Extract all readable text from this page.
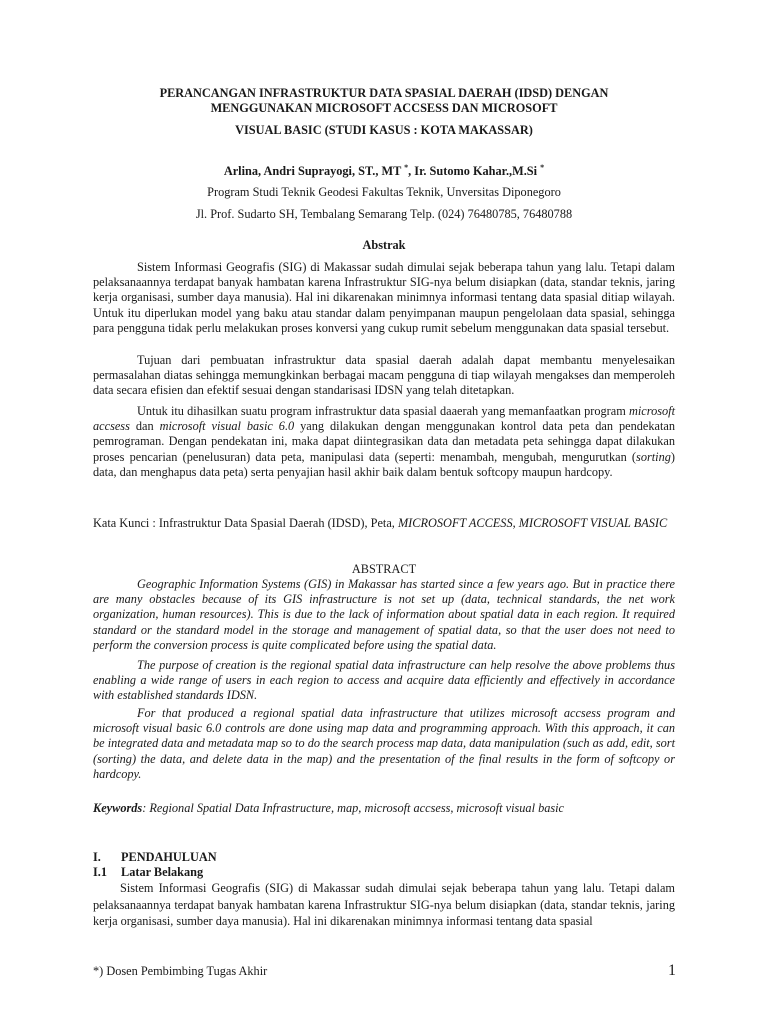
PERANCANGAN INFRASTRUKTUR DATA SPASIAL DAERAH (IDSD) DENGAN
MENGGUNAKAN MICROSOFT ACCSESS DAN MICROSOFT
VISUAL BASIC (STUDI KASUS : KOTA MAKASSAR)
Arlina, Andri Suprayogi, ST., MT *, Ir. Sutomo Kahar.,M.Si *
Program Studi Teknik Geodesi Fakultas Teknik, Unversitas Diponegoro
Jl. Prof. Sudarto SH, Tembalang Semarang Telp. (024) 76480785, 76480788
Abstrak
Sistem Informasi Geografis (SIG) di Makassar sudah dimulai sejak beberapa tahun yang lalu. Tetapi dalam pelaksanaannya terdapat banyak hambatan karena Infrastruktur SIG-nya belum disiapkan (data, standar teknis, jaring kerja organisasi, sumber daya manusia). Hal ini dikarenakan minimnya informasi tentang data spasial ditiap wilayah. Untuk itu diperlukan model yang baku atau standar dalam penyimpanan maupun pengelolaan data spasial, sehingga para pengguna tidak perlu melakukan proses konversi yang cukup rumit sebelum menggunakan data spasial tersebut.
Tujuan dari pembuatan infrastruktur data spasial daerah adalah dapat membantu menyelesaikan permasalahan diatas sehingga memungkinkan berbagai macam pengguna di tiap wilayah mengakses dan memperoleh data secara efisien dan efektif sesuai dengan standarisasi IDSN yang telah ditetapkan.
Untuk itu dihasilkan suatu program infrastruktur data spasial daaerah yang memanfaatkan program microsoft accsess dan microsoft visual basic 6.0 yang dilakukan dengan menggunakan kontrol data peta dan pendekatan pemrograman. Dengan pendekatan ini, maka dapat diintegrasikan data dan metadata peta sehingga dapat dilakukan proses pencarian (penelusuran) data peta, manipulasi data (seperti: menambah, mengubah, mengurutkan (sorting) data, dan menghapus data peta) serta penyajian hasil akhir baik dalam bentuk softcopy maupun hardcopy.
Kata Kunci : Infrastruktur Data Spasial Daerah (IDSD), Peta, MICROSOFT ACCESS, MICROSOFT VISUAL BASIC
ABSTRACT
Geographic Information Systems (GIS) in Makassar has started since a few years ago. But in practice there are many obstacles because of its GIS infrastructure is not set up (data, technical standards, the net work organization, human resources). This is due to the lack of information about spatial data in each region. It required standard or the standard model in the storage and management of spatial data, so that the user does not need to perform the conversion process is quite complicated before using the spatial data.
The purpose of creation is the regional spatial data infrastructure can help resolve the above problems thus enabling a wide range of users in each region to access and acquire data efficiently and effectively in accordance with established standards IDSN.
For that produced a regional spatial data infrastructure that utilizes microsoft accsess program and microsoft visual basic 6.0 controls are done using map data and programming approach. With this approach, it can be integrated data and metadata map so to do the search process map data, data manipulation (such as add, edit, sort (sorting) the data, and delete data in the map) and the presentation of the final results in the form of softcopy or hardcopy.
Keywords: Regional Spatial Data Infrastructure, map, microsoft accsess, microsoft visual basic
I. PENDAHULUAN
I.1 Latar Belakang
Sistem Informasi Geografis (SIG) di Makassar sudah dimulai sejak beberapa tahun yang lalu. Tetapi dalam pelaksanaannya terdapat banyak hambatan karena Infrastruktur SIG-nya belum disiapkan (data, standar teknis, jaring kerja organisasi, sumber daya manusia). Hal ini dikarenakan minimnya informasi tentang data spasial
*) Dosen Pembimbing Tugas Akhir	1
